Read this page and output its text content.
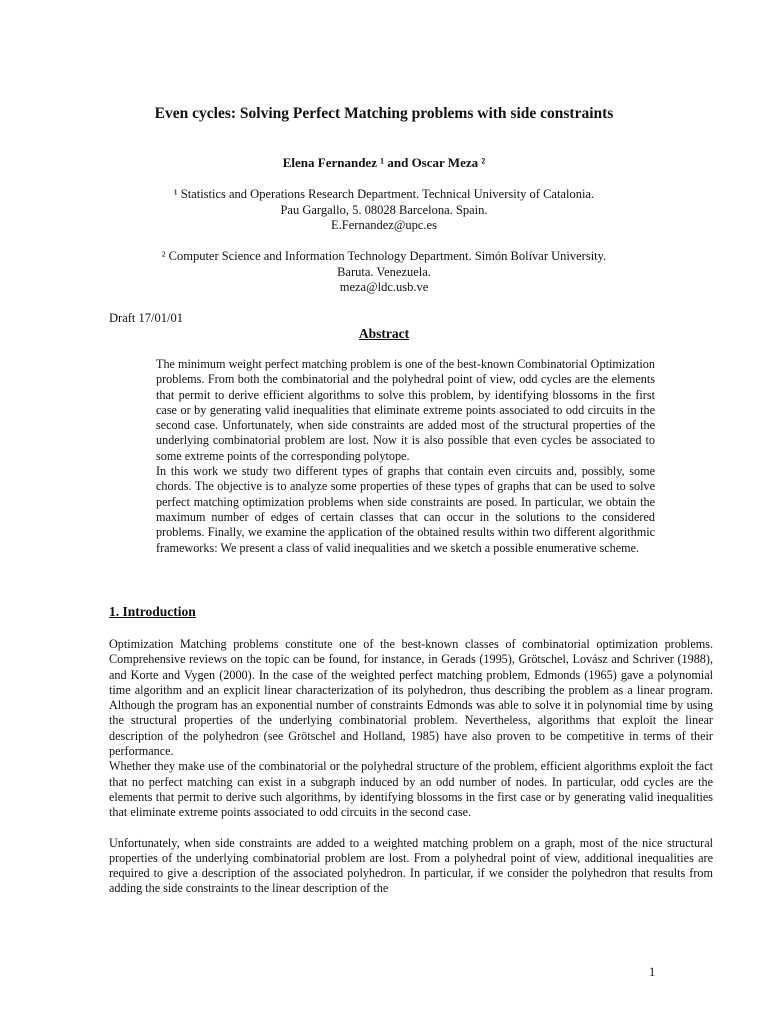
Even cycles: Solving Perfect Matching problems with side constraints
Elena Fernandez ¹ and Oscar Meza ²
¹ Statistics and Operations Research Department. Technical University of Catalonia.
Pau Gargallo, 5. 08028 Barcelona. Spain.
E.Fernandez@upc.es
² Computer Science and Information Technology Department. Simón Bolívar University.
Baruta. Venezuela.
meza@ldc.usb.ve
Draft 17/01/01
Abstract

The minimum weight perfect matching problem is one of the best-known Combinatorial Optimization problems. From both the combinatorial and the polyhedral point of view, odd cycles are the elements that permit to derive efficient algorithms to solve this problem, by identifying blossoms in the first case or by generating valid inequalities that eliminate extreme points associated to odd circuits in the second case. Unfortunately, when side constraints are added most of the structural properties of the underlying combinatorial problem are lost. Now it is also possible that even cycles be associated to some extreme points of the corresponding polytope.

In this work we study two different types of graphs that contain even circuits and, possibly, some chords. The objective is to analyze some properties of these types of graphs that can be used to solve perfect matching optimization problems when side constraints are posed. In particular, we obtain the maximum number of edges of certain classes that can occur in the solutions to the considered problems. Finally, we examine the application of the obtained results within two different algorithmic frameworks: We present a class of valid inequalities and we sketch a possible enumerative scheme.

1. Introduction

Optimization Matching problems constitute one of the best-known classes of combinatorial optimization problems. Comprehensive reviews on the topic can be found, for instance, in Gerads (1995), Grötschel, Lovász and Schriver (1988), and Korte and Vygen (2000). In the case of the weighted perfect matching problem, Edmonds (1965) gave a polynomial time algorithm and an explicit linear characterization of its polyhedron, thus describing the problem as a linear program. Although the program has an exponential number of constraints Edmonds was able to solve it in polynomial time by using the structural properties of the underlying combinatorial problem. Nevertheless, algorithms that exploit the linear description of the polyhedron (see Grötschel and Holland, 1985) have also proven to be competitive in terms of their performance.

Whether they make use of the combinatorial or the polyhedral structure of the problem, efficient algorithms exploit the fact that no perfect matching can exist in a subgraph induced by an odd number of nodes. In particular, odd cycles are the elements that permit to derive such algorithms, by identifying blossoms in the first case or by generating valid inequalities that eliminate extreme points associated to odd circuits in the second case.

Unfortunately, when side constraints are added to a weighted matching problem on a graph, most of the nice structural properties of the underlying combinatorial problem are lost. From a polyhedral point of view, additional inequalities are required to give a description of the associated polyhedron. In particular, if we consider the polyhedron that results from adding the side constraints to the linear description of the

1
